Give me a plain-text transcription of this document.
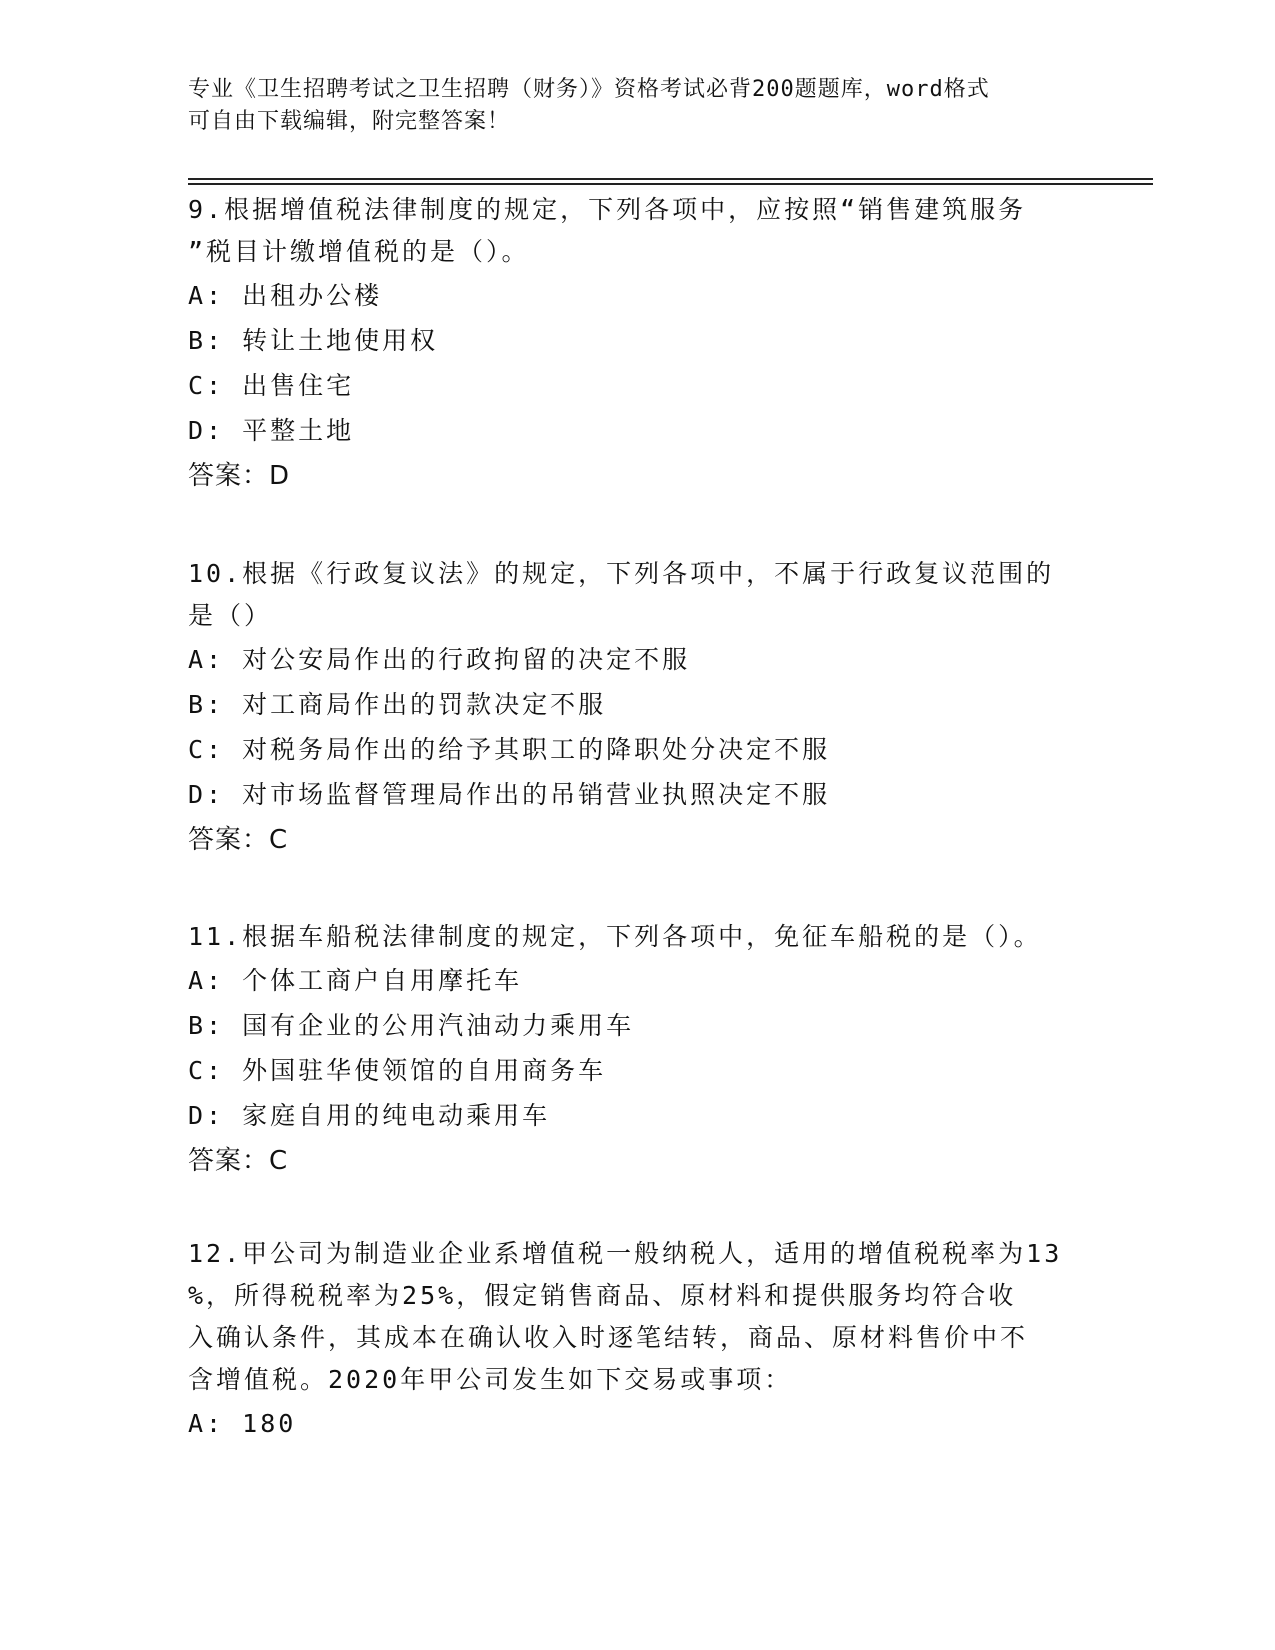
专业《卫生招聘考试之卫生招聘（财务）》资格考试必背200题题库，word格式
可自由下载编辑，附完整答案！

9.根据增值税法律制度的规定，下列各项中，应按照“销售建筑服务

”税目计缴增值税的是（）。

A: 出租办公楼

B: 转让土地使用权

C: 出售住宅

D: 平整土地

答案：D

10.根据《行政复议法》的规定，下列各项中，不属于行政复议范围的

是（）

A: 对公安局作出的行政拘留的决定不服

B: 对工商局作出的罚款决定不服

C: 对税务局作出的给予其职工的降职处分决定不服

D: 对市场监督管理局作出的吊销营业执照决定不服

答案：C

11.根据车船税法律制度的规定，下列各项中，免征车船税的是（）。

A: 个体工商户自用摩托车

B: 国有企业的公用汽油动力乘用车

C: 外国驻华使领馆的自用商务车

D: 家庭自用的纯电动乘用车

答案：C

12.甲公司为制造业企业系增值税一般纳税人，适用的增值税税率为13

%，所得税税率为25%，假定销售商品、原材料和提供服务均符合收

入确认条件，其成本在确认收入时逐笔结转，商品、原材料售价中不

含增值税。2020年甲公司发生如下交易或事项：

A: 180
